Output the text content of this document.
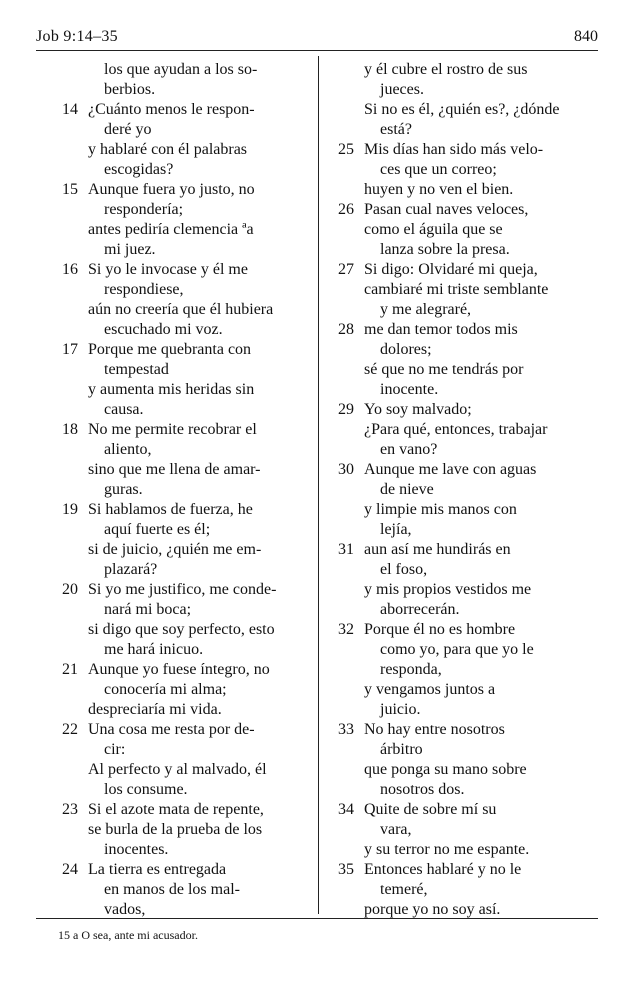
Job 9:14–35	840
los que ayudan a los so-
berbios.
14 ¿Cuánto menos le respon-
deré yo
y hablaré con él palabras
escogidas?
15 Aunque fuera yo justo, no
respondería;
antes pediría clemencia ªa
mi juez.
16 Si yo le invocase y él me
respondiese,
aún no creería que él hubiera
escuchado mi voz.
17 Porque me quebranta con
tempestad
y aumenta mis heridas sin
causa.
18 No me permite recobrar el
aliento,
sino que me llena de amar-
guras.
19 Si hablamos de fuerza, he
aquí fuerte es él;
si de juicio, ¿quién me em-
plazará?
20 Si yo me justifico, me conde-
nará mi boca;
si digo que soy perfecto, esto
me hará inicuo.
21 Aunque yo fuese íntegro, no
conocería mi alma;
despreciaría mi vida.
22 Una cosa me resta por de-
cir:
Al perfecto y al malvado, él
los consume.
23 Si el azote mata de repente,
se burla de la prueba de los
inocentes.
24 La tierra es entregada
en manos de los mal-
vados,
y él cubre el rostro de sus
jueces.
Si no es él, ¿quién es?, ¿dónde
está?
25 Mis días han sido más velo-
ces que un correo;
huyen y no ven el bien.
26 Pasan cual naves veloces,
como el águila que se
lanza sobre la presa.
27 Si digo: Olvidaré mi queja,
cambiaré mi triste semblante
y me alegraré,
28 me dan temor todos mis
dolores;
sé que no me tendrás por
inocente.
29 Yo soy malvado;
¿Para qué, entonces, trabajar
en vano?
30 Aunque me lave con aguas
de nieve
y limpie mis manos con
lejía,
31 aun así me hundirás en
el foso,
y mis propios vestidos me
aborrecerán.
32 Porque él no es hombre
como yo, para que yo le
responda,
y vengamos juntos a
juicio.
33 No hay entre nosotros
árbitro
que ponga su mano sobre
nosotros dos.
34 Quite de sobre mí su
vara,
y su terror no me espante.
35 Entonces hablaré y no le
temeré,
porque yo no soy así.
15 a O sea, ante mi acusador.
